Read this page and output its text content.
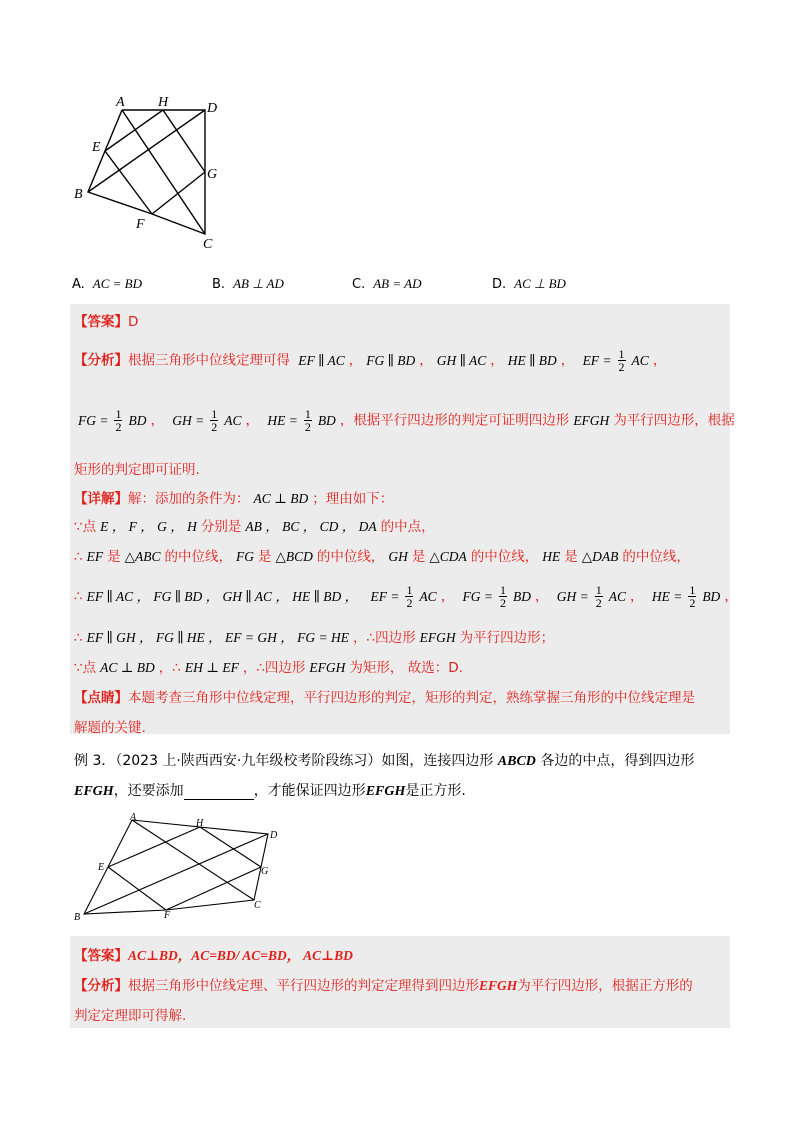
A H	D
E
G
B
F
C
A. AC = BD	B. AB ⊥ AD	C. AB = AD	D. AC ⊥ BD
【答案】D
【分析】根据三角形中位线定理可得 EF ∥ AC ， FG ∥ BD ， GH ∥ AC ， HE ∥ BD ， EF = $\frac{1}{2}$ AC ，
FG = $\frac{1}{2}$ BD ， GH = $\frac{1}{2}$ AC ， HE = $\frac{1}{2}$ BD ，根据平行四边形的判定可证明四边形 EFGH 为平行四边形，根据
矩形的判定即可证明.
【详解】解：添加的条件为： AC ⊥ BD ；理由如下：
∵点 E ， F ， G ， H 分别是 AB ， BC ， CD ， DA 的中点，
∴ EF 是 △ABC 的中位线， FG 是 △BCD 的中位线， GH 是 △CDA 的中位线， HE 是 △DAB 的中位线，
∴ EF ∥ AC ， FG ∥ BD ， GH ∥ AC ， HE ∥ BD ， EF = $\frac{1}{2}$ AC ， FG = $\frac{1}{2}$ BD ， GH = $\frac{1}{2}$ AC ， HE = $\frac{1}{2}$ BD ，
∴ EF ∥ GH ， FG ∥ HE ， EF = GH ， FG = HE ，∴四边形 EFGH 为平行四边形；
∵点 AC ⊥ BD ，∴ EH ⊥ EF ，∴四边形 EFGH 为矩形， 故选：D.
【点睛】本题考查三角形中位线定理，平行四边形的判定，矩形的判定，熟练掌握三角形的中位线定理是
解题的关键.
例 3．（2023 上·陕西西安·九年级校考阶段练习）如图，连接四边形 ABCD 各边的中点，得到四边形
EFGH，还要添加	，才能保证四边形EFGH是正方形.
A
H
D
E	G
B	F
C
【答案】AC⊥BD，AC=BD/ AC=BD， AC⊥BD
【分析】根据三角形中位线定理、平行四边形的判定定理得到四边形EFGH为平行四边形，根据正方形的
判定定理即可得解.
